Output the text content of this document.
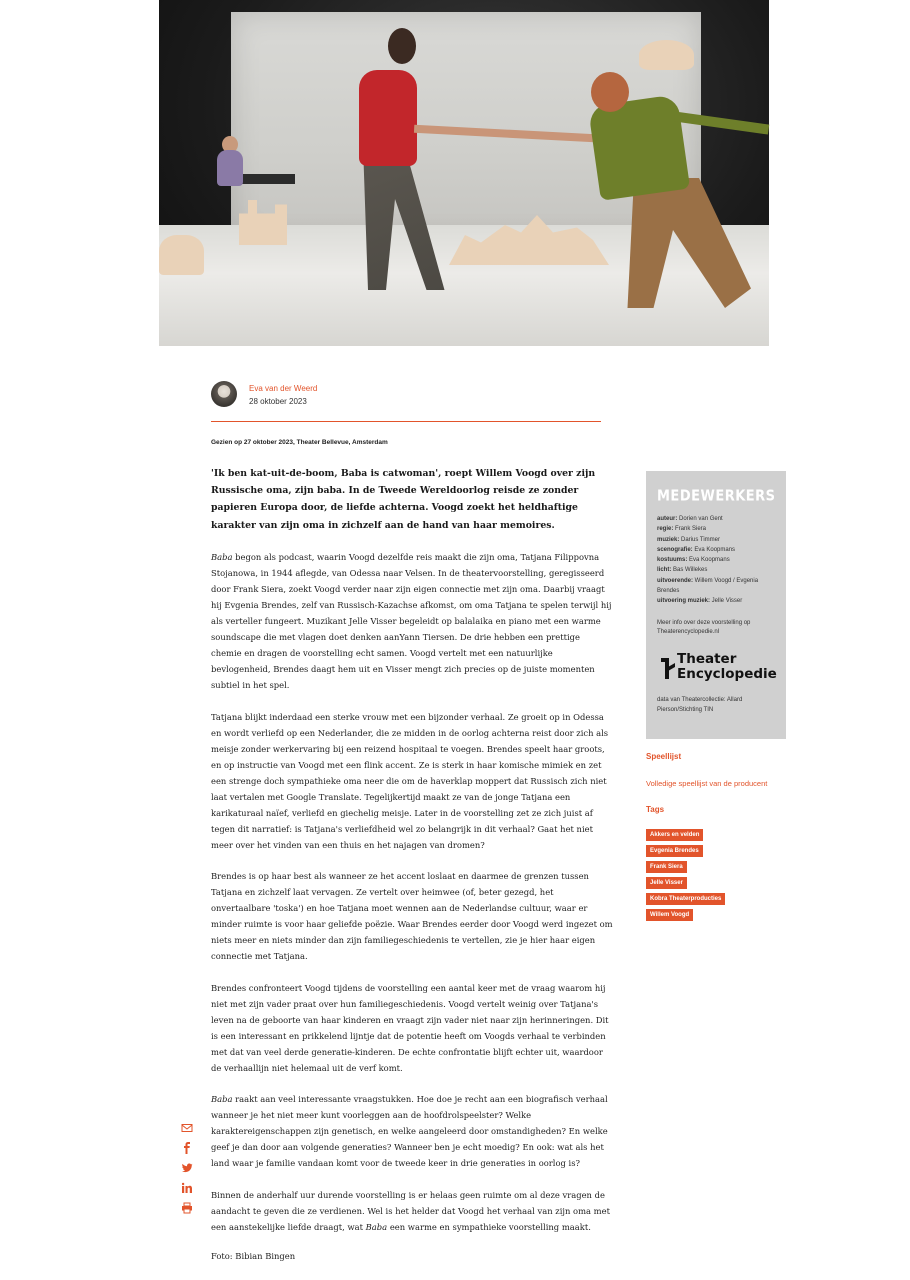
Eva van der Weerd
28 oktober 2023
Gezien op 27 oktober 2023, Theater Bellevue, Amsterdam

'Ik ben kat-uit-de-boom, Baba is catwoman', roept Willem Voogd over zijn Russische oma, zijn baba. In de Tweede Wereldoorlog reisde ze zonder papieren Europa door, de liefde achterna. Voogd zoekt het heldhaftige karakter van zijn oma in zichzelf aan de hand van haar memoires.

Baba begon als podcast, waarin Voogd dezelfde reis maakt die zijn oma, Tatjana Filippovna Stojanowa, in 1944 aflegde, van Odessa naar Velsen. In de theatervoorstelling, geregisseerd door Frank Siera, zoekt Voogd verder naar zijn eigen connectie met zijn oma. Daarbij vraagt hij Evgenia Brendes, zelf van Russisch-Kazachse afkomst, om oma Tatjana te spelen terwijl hij als verteller fungeert. Muzikant Jelle Visser begeleidt op balalaika en piano met een warme soundscape die met vlagen doet denken aanYann Tiersen. De drie hebben een prettige chemie en dragen de voorstelling echt samen. Voogd vertelt met een natuurlijke bevlogenheid, Brendes daagt hem uit en Visser mengt zich precies op de juiste momenten subtiel in het spel.

Tatjana blijkt inderdaad een sterke vrouw met een bijzonder verhaal. Ze groeit op in Odessa en wordt verliefd op een Nederlander, die ze midden in de oorlog achterna reist door zich als meisje zonder werkervaring bij een reizend hospitaal te voegen. Brendes speelt haar groots, en op instructie van Voogd met een flink accent. Ze is sterk in haar komische mimiek en zet een strenge doch sympathieke oma neer die om de haverklap moppert dat Russisch zich niet laat vertalen met Google Translate. Tegelijkertijd maakt ze van de jonge Tatjana een karikaturaal naïef, verliefd en giechelig meisje. Later in de voorstelling zet ze zich juist af tegen dit narratief: is Tatjana's verliefdheid wel zo belangrijk in dit verhaal? Gaat het niet meer over het vinden van een thuis en het najagen van dromen?

Brendes is op haar best als wanneer ze het accent loslaat en daarmee de grenzen tussen Tatjana en zichzelf laat vervagen. Ze vertelt over heimwee (of, beter gezegd, het onvertaalbare 'toska') en hoe Tatjana moet wennen aan de Nederlandse cultuur, waar er minder ruimte is voor haar geliefde poëzie. Waar Brendes eerder door Voogd werd ingezet om niets meer en niets minder dan zijn familiegeschiedenis te vertellen, zie je hier haar eigen connectie met Tatjana.

Brendes confronteert Voogd tijdens de voorstelling een aantal keer met de vraag waarom hij niet met zijn vader praat over hun familiegeschiedenis. Voogd vertelt weinig over Tatjana's leven na de geboorte van haar kinderen en vraagt zijn vader niet naar zijn herinneringen. Dit is een interessant en prikkelend lijntje dat de potentie heeft om Voogds verhaal te verbinden met dat van veel derde generatie-kinderen. De echte confrontatie blijft echter uit, waardoor de verhaallijn niet helemaal uit de verf komt.

Baba raakt aan veel interessante vraagstukken. Hoe doe je recht aan een biografisch verhaal wanneer je het niet meer kunt voorleggen aan de hoofdrolspeelster? Welke karaktereigenschappen zijn genetisch, en welke aangeleerd door omstandigheden? En welke geef je dan door aan volgende generaties? Wanneer ben je echt moedig? En ook: wat als het land waar je familie vandaan komt voor de tweede keer in drie generaties in oorlog is?

Binnen de anderhalf uur durende voorstelling is er helaas geen ruimte om al deze vragen de aandacht te geven die ze verdienen. Wel is het helder dat Voogd het verhaal van zijn oma met een aanstekelijke liefde draagt, wat Baba een warme en sympathieke voorstelling maakt.

Foto: Bibian Bingen

MEDEWERKERS
auteur: Dorien van Gent
regie: Frank Siera
muziek: Darius Timmer
scenografie: Eva Koopmans
kostuums: Eva Koopmans
licht: Bas Willekes
uitvoerende: Willem Voogd / Evgenia Brendes
uitvoering muziek: Jelle Visser
Meer info over deze voorstelling op Theaterencyclopedie.nl
Theater
Encyclopedie
data van Theatercollectie: Allard Pierson/Stichting TIN
Speellijst
Volledige speellijst van de producent
Tags
Akkers en velden
Evgenia Brendes
Frank Siera
Jelle Visser
Kobra Theaterproducties
Willem Voogd
